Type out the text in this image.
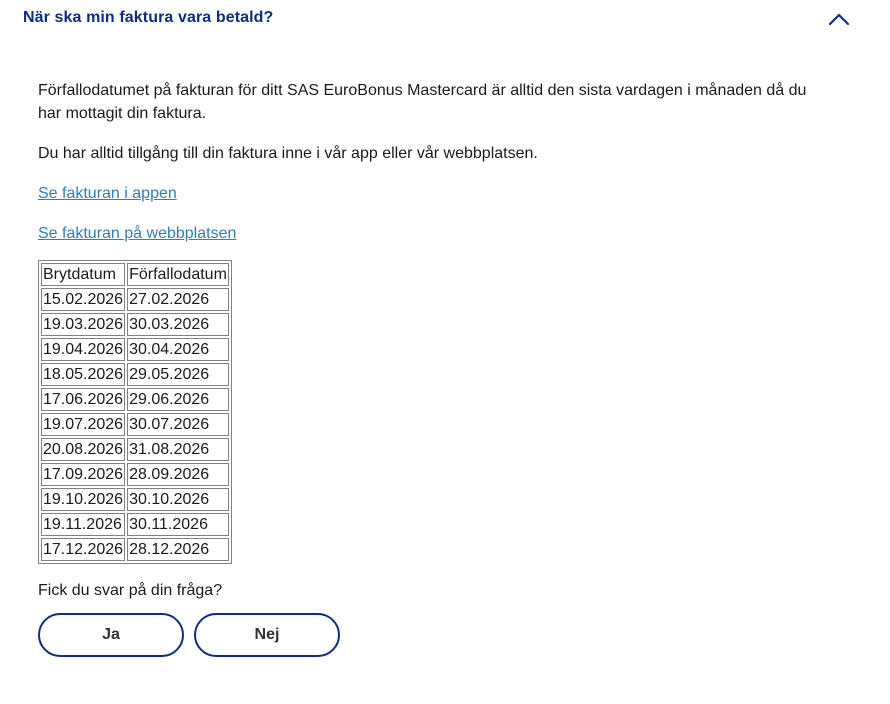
När ska min faktura vara betald?

Förfallodatumet på fakturan för ditt SAS EuroBonus Mastercard är alltid den sista vardagen i månaden då du har mottagit din faktura.

Du har alltid tillgång till din faktura inne i vår app eller vår webbplatsen.

Se fakturan i appen
Se fakturan på webbplatsen
Brytdatum	Förfallodatum
15.02.2026	27.02.2026
19.03.2026	30.03.2026
19.04.2026	30.04.2026
18.05.2026	29.05.2026
17.06.2026	29.06.2026
19.07.2026	30.07.2026
20.08.2026	31.08.2026
17.09.2026	28.09.2026
19.10.2026	30.10.2026
19.11.2026	30.11.2026
17.12.2026	28.12.2026
Fick du svar på din fråga?
Ja	Nej
